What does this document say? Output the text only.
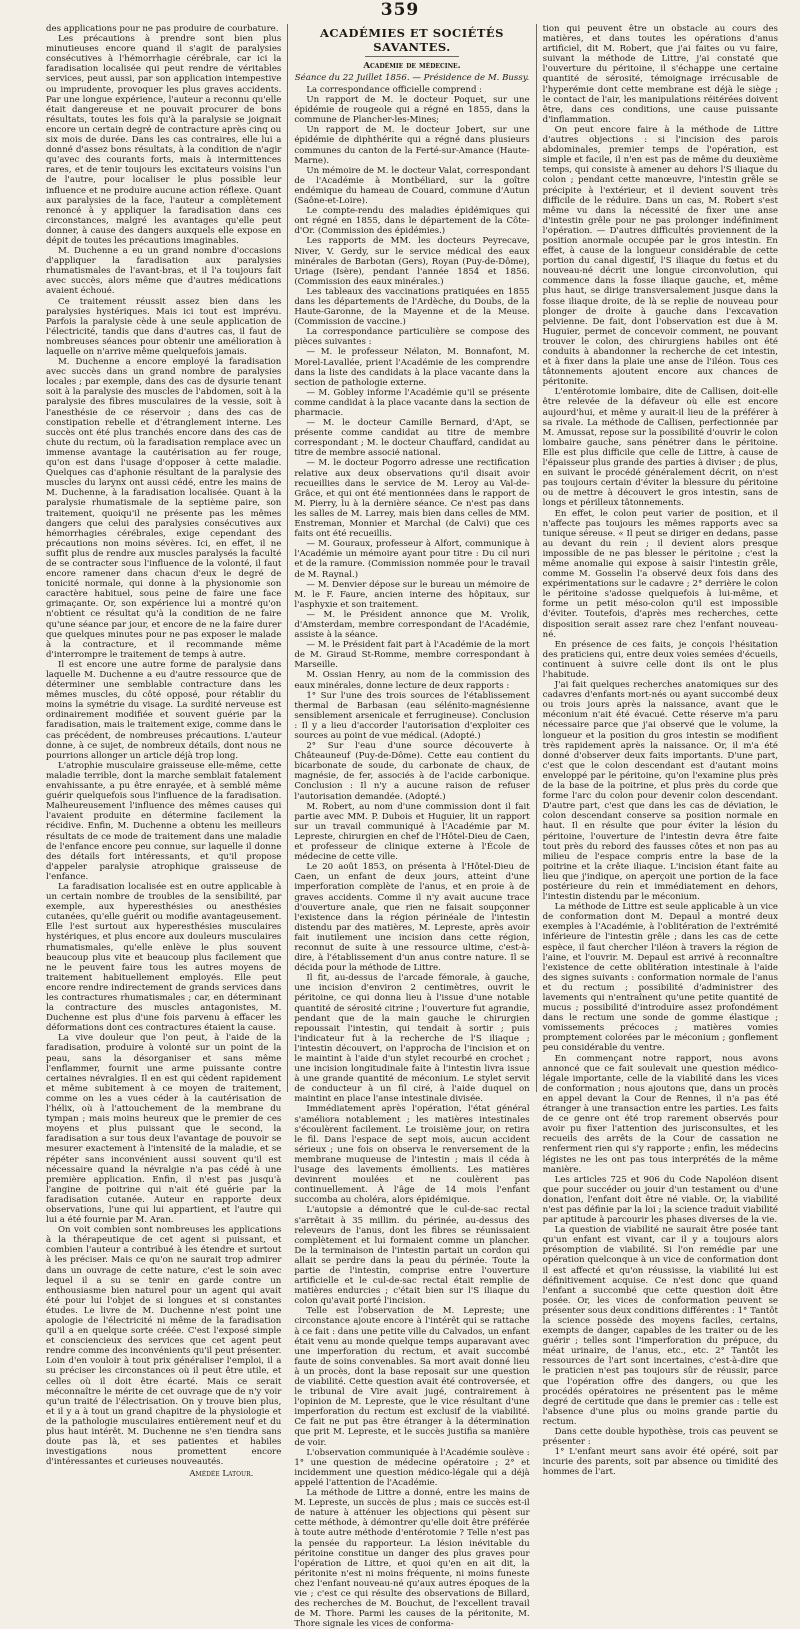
359

des applications pour ne pas produire de courbature.

Les précautions à prendre sont bien plus minutieuses encore quand il s'agit de paralysies consécutives à l'hémorrhagie cérébrale, car ici la faradisation localisée qui peut rendre de véritables services, peut aussi, par son application intempestive ou imprudente, provoquer les plus graves accidents. Par une longue expérience, l'auteur a reconnu qu'elle était dangereuse et ne pouvait procurer de bons résultats, toutes les fois qu'à la paralysie se joignait encore un certain degré de contracture après cinq ou six mois de durée. Dans les cas contraires, elle lui a donné d'assez bons résultats, à la condition de n'agir qu'avec des courants forts, mais à intermittences rares, et de tenir toujours les excitateurs voisins l'un de l'autre, pour localiser le plus possible leur influence et ne produire aucune action réflexe. Quant aux paralysies de la face, l'auteur a complètement renoncé à y appliquer la faradisation dans ces circonstances, malgré les avantages qu'elle peut donner, à cause des dangers auxquels elle expose en dépit de toutes les précautions imaginables.

M. Duchenne a eu un grand nombre d'occasions d'appliquer la faradisation aux paralysies rhumatismales de l'avant-bras, et il l'a toujours fait avec succès, alors même que d'autres médications avaient échoué.

Ce traitement réussit assez bien dans les paralysies hystériques. Mais ici tout est imprévu. Parfois la paralysie cède à une seule application de l'électricité, tandis que dans d'autres cas, il faut de nombreuses séances pour obtenir une amélioration à laquelle on n'arrive même quelquefois jamais.

M. Duchenne a encore employé la faradisation avec succès dans un grand nombre de paralysies locales ; par exemple, dans des cas de dysurie tenant soit à la paralysie des muscles de l'abdomen, soit à la paralysie des fibres musculaires de la vessie, soit à l'anesthésie de ce réservoir ; dans des cas de constipation rebelle et d'étranglement interne. Les succès ont été plus tranchés encore dans des cas de chute du rectum, où la faradisation remplace avec un immense avantage la cautérisation au fer rouge, qu'on est dans l'usage d'opposer à cette maladie. Quelques cas d'aphonie résultant de la paralysie des muscles du larynx ont aussi cédé, entre les mains de M. Duchenne, à la faradisation localisée. Quant à la paralysie rhumatismale de la septième paire, son traitement, quoiqu'il ne présente pas les mêmes dangers que celui des paralysies consécutives aux hémorrhagies cérébrales, exige cependant des précautions non moins sévères. Ici, en effet, il ne suffit plus de rendre aux muscles paralysés la faculté de se contracter sous l'influence de la volonté, il faut encore ramener dans chacun d'eux le degré de tonicité normale, qui donne à la physionomie son caractère habituel, sous peine de faire une face grimaçante. Or, son expérience lui a montré qu'on n'obtient ce résultat qu'à la condition de ne faire qu'une séance par jour, et encore de ne la faire durer que quelques minutes pour ne pas exposer le malade à la contracture, et il recommande même d'interrompre le traitement de temps à autre.

Il est encore une autre forme de paralysie dans laquelle M. Duchenne a eu d'autre ressource que de déterminer une semblable contracture dans les mêmes muscles, du côté opposé, pour rétablir du moins la symétrie du visage. La surdité nerveuse est ordinairement modifiée et souvent guérie par la faradisation, mais le traitement exige, comme dans le cas précédent, de nombreuses précautions. L'auteur donne, à ce sujet, de nombreux détails, dont nous ne pourrions allonger un article déjà trop long.

L'atrophie musculaire graisseuse elle-même, cette maladie terrible, dont la marche semblait fatalement envahissante, a pu être enrayée, et à semblé même guérir quelquefois sous l'influence de la faradisation. Malheureusement l'influence des mêmes causes qui l'avaient produite en détermine facilement la récidive. Enfin, M. Duchenne a obtenu les meilleurs résultats de ce mode de traitement dans une maladie de l'enfance encore peu connue, sur laquelle il donne des détails fort intéressants, et qu'il propose d'appeler paralysie atrophique graisseuse de l'enfance.

La faradisation localisée est en outre applicable à un certain nombre de troubles de la sensibilité, par exemple, aux hyperesthésies ou anesthésies cutanées, qu'elle guérit ou modifie avantageusement. Elle l'est surtout aux hyperesthésies musculaires hystériques, et plus encore aux douleurs musculaires rhumatismales, qu'elle enlève le plus souvent beaucoup plus vite et beaucoup plus facilement que ne le peuvent faire tous les autres moyens de traitement habituellement employés. Elle peut encore rendre indirectement de grands services dans les contractures rhumatismales ; car, en déterminant la contracture des muscles antagonistes, M. Duchenne est plus d'une fois parvenu à effacer les déformations dont ces contractures étaient la cause.

La vive douleur que l'on peut, à l'aide de la faradisation, produire à volonté sur un point de la peau, sans la désorganiser et sans même l'enflammer, fournit une arme puissante contre certaines névralgies. Il en est qui cèdent rapidement et même subitement à ce moyen de traitement, comme on les a vues céder à la cautérisation de l'hélix, où à l'attouchement de la membrane du tympan ; mais moins heureux que le premier de ces moyens et plus puissant que le second, la faradisation a sur tous deux l'avantage de pouvoir se mesurer exactement à l'intensité de la maladie, et se répéter sans inconvénient aussi souvent qu'il est nécessaire quand la névralgie n'a pas cédé à une première application. Enfin, il n'est pas jusqu'à l'angine de poitrine qui n'ait été guérie par la faradisation cutanée. Auteur en rapporte deux observations, l'une qui lui appartient, et l'autre qui lui a été fournie par M. Aran.

On voit combien sont nombreuses les applications à la thérapeutique de cet agent si puissant, et combien l'auteur a contribué à les étendre et surtout à les préciser. Mais ce qu'on ne saurait trop admirer dans un ouvrage de cette nature, c'est le soin avec lequel il a su se tenir en garde contre un enthousiasme bien naturel pour un agent qui avait été pour lui l'objet de si longues et si constantes études. Le livre de M. Duchenne n'est point une apologie de l'électricité ni même de la faradisation qu'il a en quelque sorte créée. C'est l'exposé simple et consciencieux des services que cet agent peut rendre comme des inconvénients qu'il peut présenter. Loin d'en vouloir à tout prix généraliser l'emploi, il a su préciser les circonstances où il peut être utile, et celles où il doit être écarté. Mais ce serait méconnaître le mérite de cet ouvrage que de n'y voir qu'un traité de l'électrisation. On y trouve bien plus, et il y a à tout un grand chapitre de la physiologie et de la pathologie musculaires entièrement neuf et du plus haut intérêt. M. Duchenne ne s'en tiendra sans doute pas là, et ses patientes et habiles investigations nous promettent encore d'intéressantes et curieuses nouveautés.

Amédée Latour.

ACADÉMIES ET SOCIÉTÉS SAVANTES.
Académie de médecine.
Séance du 22 Juillet 1856. — Présidence de M. Bussy.

La correspondance officielle comprend :

Un rapport de M. le docteur Poquet, sur une épidémie de rougeole qui a régné en 1855, dans la commune de Plancher-les-Mines;

Un rapport de M. le docteur Jobert, sur une épidémie de diphthérite qui a régné dans plusieurs communes du canton de la Ferté-sur-Amance (Haute-Marne).

Un mémoire de M. le docteur Valat, correspondant de l'Académie à Montbéliard, sur la goître endémique du hameau de Couard, commune d'Autun (Saône-et-Loire).

Le compte-rendu des maladies épidémiques qui ont régné en 1855, dans le département de la Côte-d'Or. (Commission des épidémies.)

Les rapports de MM. les docteurs Peyrecave, Niver, V. Gerdy, sur le service médical des eaux minérales de Barbotan (Gers), Royan (Puy-de-Dôme), Uriage (Isère), pendant l'année 1854 et 1856. (Commission des eaux minérales.)

Les tableaux des vaccinations pratiquées en 1855 dans les départements de l'Ardèche, du Doubs, de la Haute-Garonne, de la Mayenne et de la Meuse. (Commission de vaccine.)

La correspondance particulière se compose des pièces suivantes :

— M. le professeur Nélaton, M. Bonnafont, M. Morel-Lavallée, prient l'Académie de les comprendre dans la liste des candidats à la place vacante dans la section de pathologie externe.

— M. Gobley informe l'Académie qu'il se présente comme candidat à la place vacante dans la section de pharmacie.

— M. le docteur Camille Bernard, d'Apt, se présente comme candidat au titre de membre correspondant ; M. le docteur Chauffard, candidat au titre de membre associé national.

— M. le docteur Pogorro adresse une rectification relative aux deux observations qu'il disait avoir recueillies dans le service de M. Leroy au Val-de-Grâce, et qui ont été mentionnées dans le rapport de M. Pierry, lu à la dernière séance. Ce n'est pas dans les salles de M. Larrey, mais bien dans celles de MM. Enstreman, Monnier et Marchal (de Calvi) que ces faits ont été recueillis.

— M. Gouraux, professeur à Alfort, communique à l'Académie un mémoire ayant pour titre : Du cil nuri et de la ramure. (Commission nommée pour le travail de M. Raynal.)

— M. Denvier dépose sur le bureau un mémoire de M. le F. Faure, ancien interne des hôpitaux, sur l'asphyxie et son traitement.

— M. le Président annonce que M. Vrolik, d'Amsterdam, membre correspondant de l'Académie, assiste à la séance.

— M. le Président fait part à l'Académie de la mort de M. Giraud St-Romme, membre correspondant à Marseille.

M. Ossian Henry, au nom de la commission des eaux minérales, donne lecture de deux rapports :

1° Sur l'une des trois sources de l'établissement thermal de Barbasan (eau sélénito-magnésienne sensiblement arsenicale et ferrugineuse). Conclusion : Il y a lieu d'accorder l'autorisation d'exploiter ces sources au point de vue médical. (Adopté.)

2° Sur l'eau d'une source découverte à Châteauneuf (Puy-de-Dôme). Cette eau contient du bicarbonate de soude, du carbonate de chaux, de magnésie, de fer, associés à de l'acide carbonique. Conclusion : Il n'y a aucune raison de refuser l'autorisation demandée. (Adopté.)

M. Robert, au nom d'une commission dont il fait partie avec MM. P. Dubois et Huguier, lit un rapport sur un travail communiqué à l'Académie par M. Lepreste, chirurgien en chef de l'Hôtel-Dieu de Caen, et professeur de clinique externe à l'École de médecine de cette ville.

Le 20 août 1853, on présenta à l'Hôtel-Dieu de Caen, un enfant de deux jours, atteint d'une imperforation complète de l'anus, et en proie à de graves accidents. Comme il n'y avait aucune trace d'ouverture anale, que rien ne faisait soupçonner l'existence dans la région périnéale de l'intestin distendu par des matières, M. Lepreste, après avoir fait inutilement une incision dans cette région, reconnut de suite à une ressource ultime, c'est-à-dire, à l'établissement d'un anus contre nature. Il se décida pour la méthode de Littre.

Il fit, au-dessus de l'arcade fémorale, à gauche, une incision d'environ 2 centimètres, ouvrit le péritoine, ce qui donna lieu à l'issue d'une notable quantité de sérosité citrine ; l'ouverture fut agrandie, pendant que de la main gauche le chirurgien repoussait l'intestin, qui tendait à sortir ; puis l'indicateur fut à la recherche de l'S iliaque ; l'intestin découvert, on l'approcha de l'incision et on le maintint à l'aide d'un stylet recourbé en crochet ; une incision longitudinale faite à l'intestin livra issue à une grande quantité de méconium. Le stylet servit de conducteur à un fil ciré, à l'aide duquel on maintint en place l'anse intestinale divisée.

Immédiatement après l'opération, l'état général s'améliora notablement ; les matières intestinales s'écoulèrent facilement. Le troisième jour, on retira le fil. Dans l'espace de sept mois, aucun accident sérieux ; une fois on observa le renversement de la membrane muqueuse de l'intestin ; mais il céda à l'usage des lavements émollients. Les matières devinrent moulées et ne coulèrent pas continuellement. À l'âge de 14 mois l'enfant succomba au choléra, alors épidémique.

L'autopsie a démontré que le cul-de-sac rectal s'arrêtait à 35 millim. du périnée, au-dessus des releveurs de l'anus, dont les fibres se réunissaient complètement et lui formaient comme un plancher. De la terminaison de l'intestin partait un cordon qui allait se perdre dans la peau du périnée. Toute la partie de l'intestin, comprise entre l'ouverture artificielle et le cul-de-sac rectal était remplie de matières endurcies ; c'était bien sur l'S iliaque du colon qu'avait porté l'incision.

Telle est l'observation de M. Lepreste; une circonstance ajoute encore à l'intérêt qui se rattache à ce fait : dans une petite ville du Calvados, un enfant était venu au monde quelque temps auparavant avec une imperforation du rectum, et avait succombé faute de soins convenables. Sa mort avait donné lieu à un procès, dont la base reposait sur une question de viabilité. Cette question avait été controversée, et le tribunal de Vire avait jugé, contrairement à l'opinion de M. Lepreste, que le vice résultant d'une imperforation du rectum est exclusif de la viabilité. Ce fait ne put pas être étranger à la détermination que prit M. Lepreste, et le succès justifia sa manière de voir.

L'observation communiquée à l'Académie soulève : 1° une question de médecine opératoire ; 2° et incidemment une question médico-légale qui a déjà appelé l'attention de l'Académie.

La méthode de Littre a donné, entre les mains de M. Lepreste, un succès de plus ; mais ce succès est-il de nature à atténuer les objections qui pèsent sur cette méthode, à démontrer qu'elle doit être préférée à toute autre méthode d'entérotomie ? Telle n'est pas la pensée du rapporteur. La lésion inévitable du péritoine constitue un danger des plus graves pour l'opération de Littre, et quoi qu'en en ait dit, la péritonite n'est ni moins fréquente, ni moins funeste chez l'enfant nouveau-né qu'aux autres époques de la vie ; c'est ce qui résulte des observations de Billard, des recherches de M. Bouchut, de l'excellent travail de M. Thore. Parmi les causes de la péritonite, M. Thore signale les vices de conforma-

tion qui peuvent être un obstacle au cours des matières, et dans toutes les opérations d'anus artificiel, dit M. Robert, que j'ai faites ou vu faire, suivant la méthode de Littre, j'ai constaté que l'ouverture du péritoine, il s'échappe une certaine quantité de sérosité, témoignage irrécusable de l'hyperémie dont cette membrane est déjà le siège ; le contact de l'air, les manipulations réitérées doivent être, dans ces conditions, une cause puissante d'inflammation.

On peut encore faire à la méthode de Littre d'autres objections : si l'incision des parois abdominales, premier temps de l'opération, est simple et facile, il n'en est pas de même du deuxième temps, qui consiste à amener au dehors l'S iliaque du colon ; pendant cette manœuvre, l'intestin grêle se précipite à l'extérieur, et il devient souvent très difficile de le réduire. Dans un cas, M. Robert s'est même vu dans la nécessité de fixer une anse d'intestin grêle pour ne pas prolonger indéfiniment l'opération. — D'autres difficultés proviennent de la position anormale occupée par le gros intestin. En effet, à cause de la longueur considérable de cette portion du canal digestif, l'S iliaque du fœtus et du nouveau-né décrit une longue circonvolution, qui commence dans la fosse iliaque gauche, et, même plus haut, se dirige transversalement jusque dans la fosse iliaque droite, de là se replie de nouveau pour plonger de droite à gauche dans l'excavation pelvienne. De fait, dont l'observation est due à M. Huguier, permet de concevoir comment, ne pouvant trouver le colon, des chirurgiens habiles ont été conduits à abandonner la recherche de cet intestin, et à fixer dans la plaie une anse de l'iléon. Tous ces tâtonnements ajoutent encore aux chances de péritonite.

L'entérotomie lombaire, dite de Callisen, doit-elle être relevée de la défaveur où elle est encore aujourd'hui, et même y aurait-il lieu de la préférer à sa rivale. La méthode de Callisen, perfectionnée par M. Amussat, repose sur la possibilité d'ouvrir le colon lombaire gauche, sans pénétrer dans le péritoine. Elle est plus difficile que celle de Littre, à cause de l'épaisseur plus grande des parties à diviser ; de plus, en suivant le procédé généralement décrit, on n'est pas toujours certain d'éviter la blessure du péritoine ou de mettre à découvert le gros intestin, sans de longs et périlleux tâtonnements.

En effet, le colon peut varier de position, et il n'affecte pas toujours les mêmes rapports avec sa tunique séreuse. « Il peut se diriger en dedans, passe au devant du rein ; il devient alors presque impossible de ne pas blesser le péritoine ; c'est la même anomalie qui expose à saisir l'intestin grêle, comme M. Gosselin l'a observé deux fois dans des expérimentations sur le cadavre ; 2° derrière le colon le péritoine s'adosse quelquefois à lui-même, et forme un petit méso-colon qu'il est impossible d'éviter. Toutefois, d'après mes recherches, cette disposition serait assez rare chez l'enfant nouveau-né.

En présence de ces faits, je conçois l'hésitation des praticiens qui, entre deux voies semées d'écueils, continuent à suivre celle dont ils ont le plus l'habitude.

J'ai fait quelques recherches anatomiques sur des cadavres d'enfants mort-nés ou ayant succombé deux ou trois jours après la naissance, avant que le méconium n'ait été évacué. Cette réserve m'a paru nécessaire parce que j'ai observé que le volume, la longueur et la position du gros intestin se modifient très rapidement après la naissance. Or, il m'a été donné d'observer deux faits importants. D'une part, c'est que le colon descendant est d'autant moins enveloppé par le péritoine, qu'on l'examine plus près de la base de la poitrine, et plus près du corde que forme l'arc du colon pour devenir colon descendant. D'autre part, c'est que dans les cas de déviation, le colon descendant conserve sa position normale en haut. Il en résulte que pour éviter la lésion du péritoine, l'ouverture de l'intestin devra être faite tout près du rebord des fausses côtes et non pas au milieu de l'espace compris entre la base de la poitrine et la crête iliaque. L'incision étant faite au lieu que j'indique, on aperçoit une portion de la face postérieure du rein et immédiatement en dehors, l'intestin distendu par le méconium.

La méthode de Littre est seule applicable à un vice de conformation dont M. Depaul a montré deux exemples à l'Académie, à l'oblitération de l'extrémité inférieure de l'intestin grêle ; dans les cas de cette espèce, il faut chercher l'iléon à travers la région de l'aine, et l'ouvrir. M. Depaul est arrivé à reconnaître l'existence de cette oblitération intestinale à l'aide des signes suivants : conformation normale de l'anus et du rectum ; possibilité d'administrer des lavements qui n'entraînent qu'une petite quantité de mucus ; possibilité d'introduire assez profondément dans le rectum une sonde de gomme élastique ; vomissements précoces ; matières vomies promptement colorées par le méconium ; gonflement peu considérable du ventre.

En commençant notre rapport, nous avons annoncé que ce fait soulevait une question médico-légale importante, celle de la viabilité dans les vices de conformation ; nous ajoutons que, dans un procès en appel devant la Cour de Rennes, il n'a pas été étranger à une transaction entre les parties. Les faits de ce genre ont été trop rarement observés pour avoir pu fixer l'attention des jurisconsultes, et les recueils des arrêts de la Cour de cassation ne renferment rien qui s'y rapporte ; enfin, les médecins légistes ne les ont pas tous interprétés de la même manière.

Les articles 725 et 906 du Code Napoléon disent que pour succéder ou jouir d'un testament ou d'une donation, l'enfant doit être né viable. Or, la viabilité n'est pas définie par la loi ; la science traduit viabilité par aptitude à parcourir les phases diverses de la vie.

La question de viabilité ne saurait être posée tant qu'un enfant est vivant, car il y a toujours alors présomption de viabilité. Si l'on remédie par une opération quelconque à un vice de conformation dont il est affecté et qu'on réussisse, la viabilité lui est définitivement acquise. Ce n'est donc que quand l'enfant a succombé que cette question doit être posée. Or, les vices de conformation peuvent se présenter sous deux conditions différentes : 1° Tantôt la science possède des moyens faciles, certains, exempts de danger, capables de les traiter ou de les guérir ; telles sont l'imperforation du prépuce, du méat urinaire, de l'anus, etc., etc. 2° Tantôt les ressources de l'art sont incertaines, c'est-à-dire que le praticien n'est pas toujours sûr de réussir, parce que l'opération offre des dangers, ou que les procédés opératoires ne présentent pas le même degré de certitude que dans le premier cas : telle est l'absence d'une plus ou moins grande partie du rectum.

Dans cette double hypothèse, trois cas peuvent se présenter :

1° L'enfant meurt sans avoir été opéré, soit par incurie des parents, soit par absence ou timidité des hommes de l'art.
